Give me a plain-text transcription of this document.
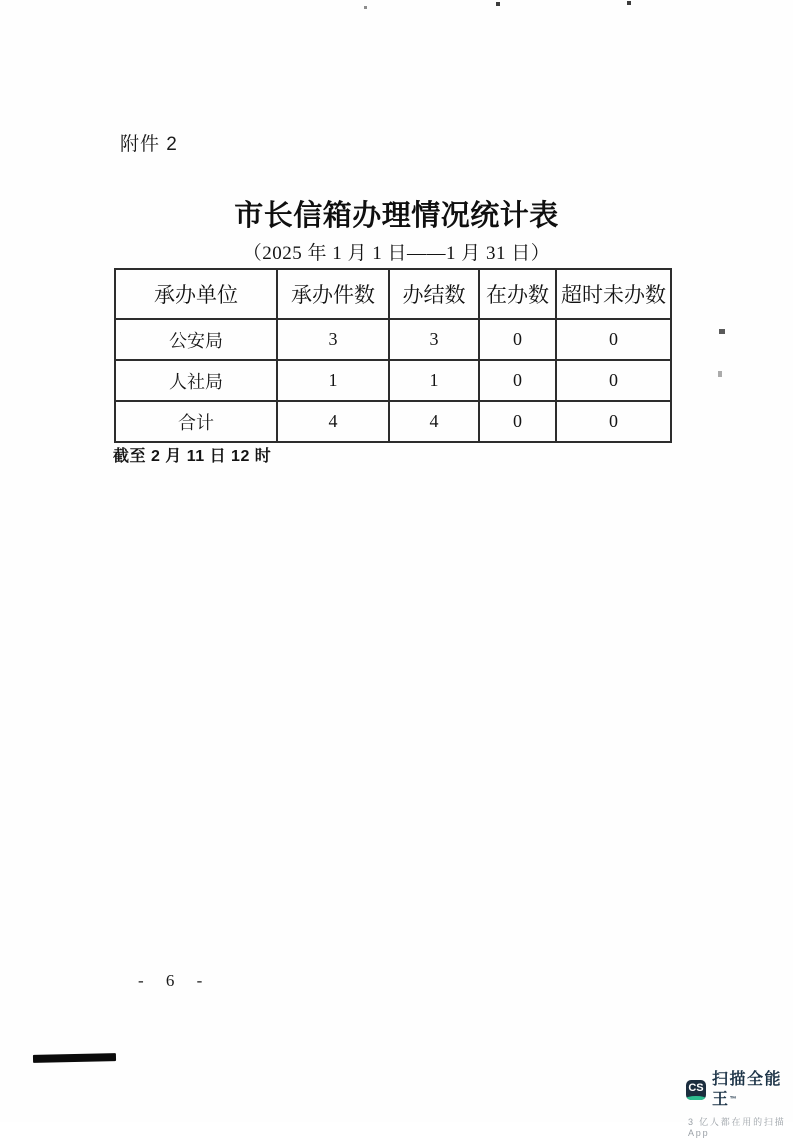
附件 2
市长信箱办理情况统计表
（2025 年 1 月 1 日——1 月 31 日）
承办单位	承办件数	办结数	在办数	超时未办数
公安局	3	3	0	0
人社局	1	1	0	0
合计	4	4	0	0
截至 2 月 11 日 12 时
- 6 -
CS 扫描全能王™
3 亿人都在用的扫描App
